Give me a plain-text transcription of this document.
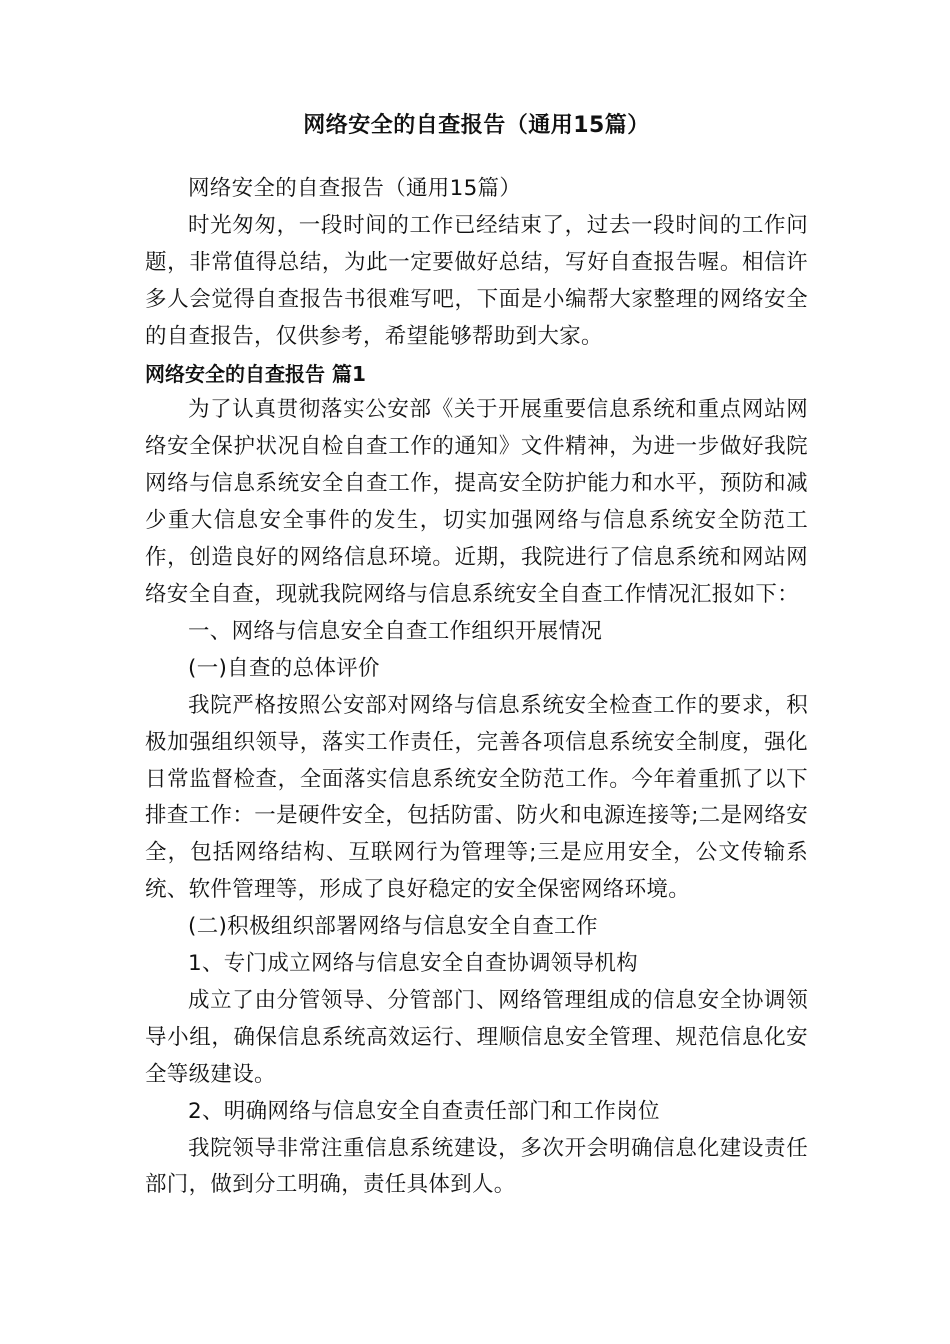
网络安全的自查报告（通用15篇）

网络安全的自查报告（通用15篇）

时光匆匆，一段时间的工作已经结束了，过去一段时间的工作问题，非常值得总结，为此一定要做好总结，写好自查报告喔。相信许多人会觉得自查报告书很难写吧，下面是小编帮大家整理的网络安全的自查报告，仅供参考，希望能够帮助到大家。

网络安全的自查报告 篇1

为了认真贯彻落实公安部《关于开展重要信息系统和重点网站网络安全保护状况自检自查工作的通知》文件精神，为进一步做好我院网络与信息系统安全自查工作，提高安全防护能力和水平，预防和减少重大信息安全事件的发生，切实加强网络与信息系统安全防范工作，创造良好的网络信息环境。近期，我院进行了信息系统和网站网络安全自查，现就我院网络与信息系统安全自查工作情况汇报如下：

一、网络与信息安全自查工作组织开展情况

(一)自查的总体评价

我院严格按照公安部对网络与信息系统安全检查工作的要求，积极加强组织领导，落实工作责任，完善各项信息系统安全制度，强化日常监督检查，全面落实信息系统安全防范工作。今年着重抓了以下排查工作：一是硬件安全，包括防雷、防火和电源连接等;二是网络安全，包括网络结构、互联网行为管理等;三是应用安全，公文传输系统、软件管理等，形成了良好稳定的安全保密网络环境。

(二)积极组织部署网络与信息安全自查工作

1、专门成立网络与信息安全自查协调领导机构

成立了由分管领导、分管部门、网络管理组成的信息安全协调领导小组，确保信息系统高效运行、理顺信息安全管理、规范信息化安全等级建设。

2、明确网络与信息安全自查责任部门和工作岗位

我院领导非常注重信息系统建设，多次开会明确信息化建设责任部门，做到分工明确，责任具体到人。
